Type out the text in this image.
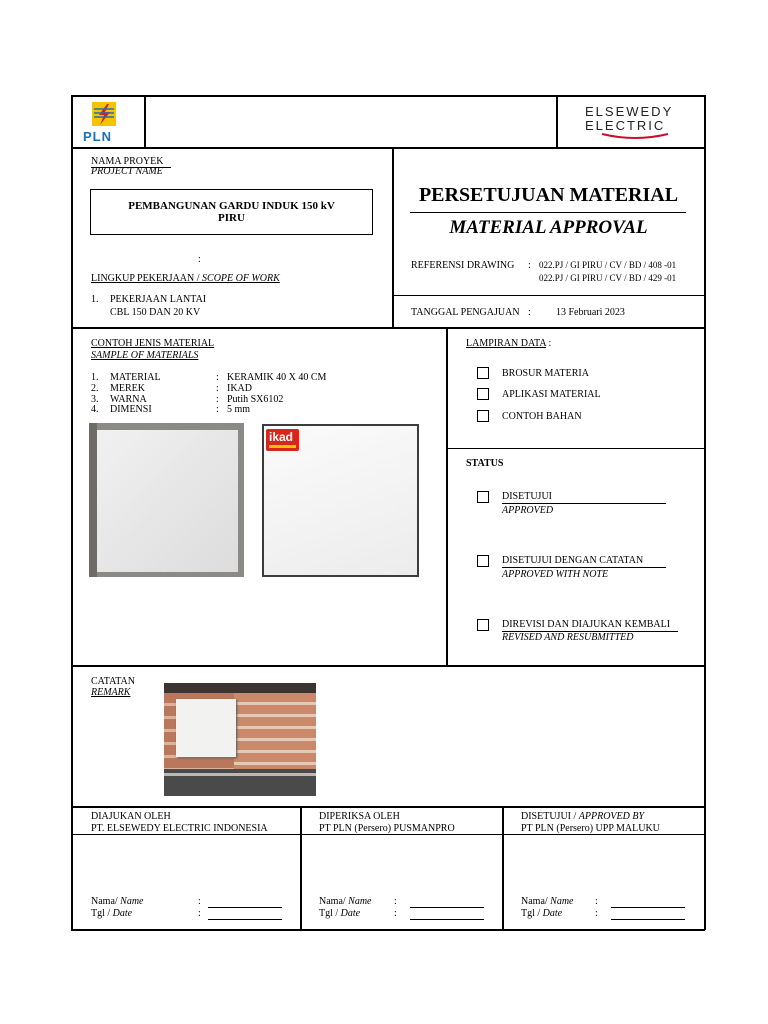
PLN
ELSEWEDY
ELECTRIC
NAMA PROYEK
PROJECT NAME
PEMBANGUNAN GARDU INDUK 150 kV
PIRU
:
LINGKUP PEKERJAAN / SCOPE OF WORK
1. PEKERJAAN LANTAI
CBL 150 DAN 20 KV
PERSETUJUAN MATERIAL
MATERIAL APPROVAL
REFERENSI DRAWING : 022.PJ / GI PIRU / CV / BD / 408 -01
022.PJ / GI PIRU / CV / BD / 429 -01
TANGGAL PENGAJUAN :	13 Februari 2023
CONTOH JENIS MATERIAL
SAMPLE OF MATERIALS
1. MATERIAL	: KERAMIK 40 X 40 CM
2. MEREK	: IKAD
3. WARNA	: Putih SX6102
4. DIMENSI	: 5 mm
ikad
LAMPIRAN DATA :
BROSUR MATERIA
APLIKASI MATERIAL
CONTOH BAHAN
STATUS
DISETUJUI
APPROVED
DISETUJUI DENGAN CATATAN
APPROVED WITH NOTE
DIREVISI DAN DIAJUKAN KEMBALI
REVISED AND RESUBMITTED
CATATAN
REMARK
DIAJUKAN OLEH
PT. ELSEWEDY ELECTRIC INDONESIA
Nama/ Name
Tgl / Date
:
:
DIPERIKSA OLEH
PT PLN (Persero) PUSMANPRO
Nama/ Name
Tgl / Date
:
:
DISETUJUI / APPROVED BY
PT PLN (Persero) UPP MALUKU
Nama/ Name
Tgl / Date
:
:
